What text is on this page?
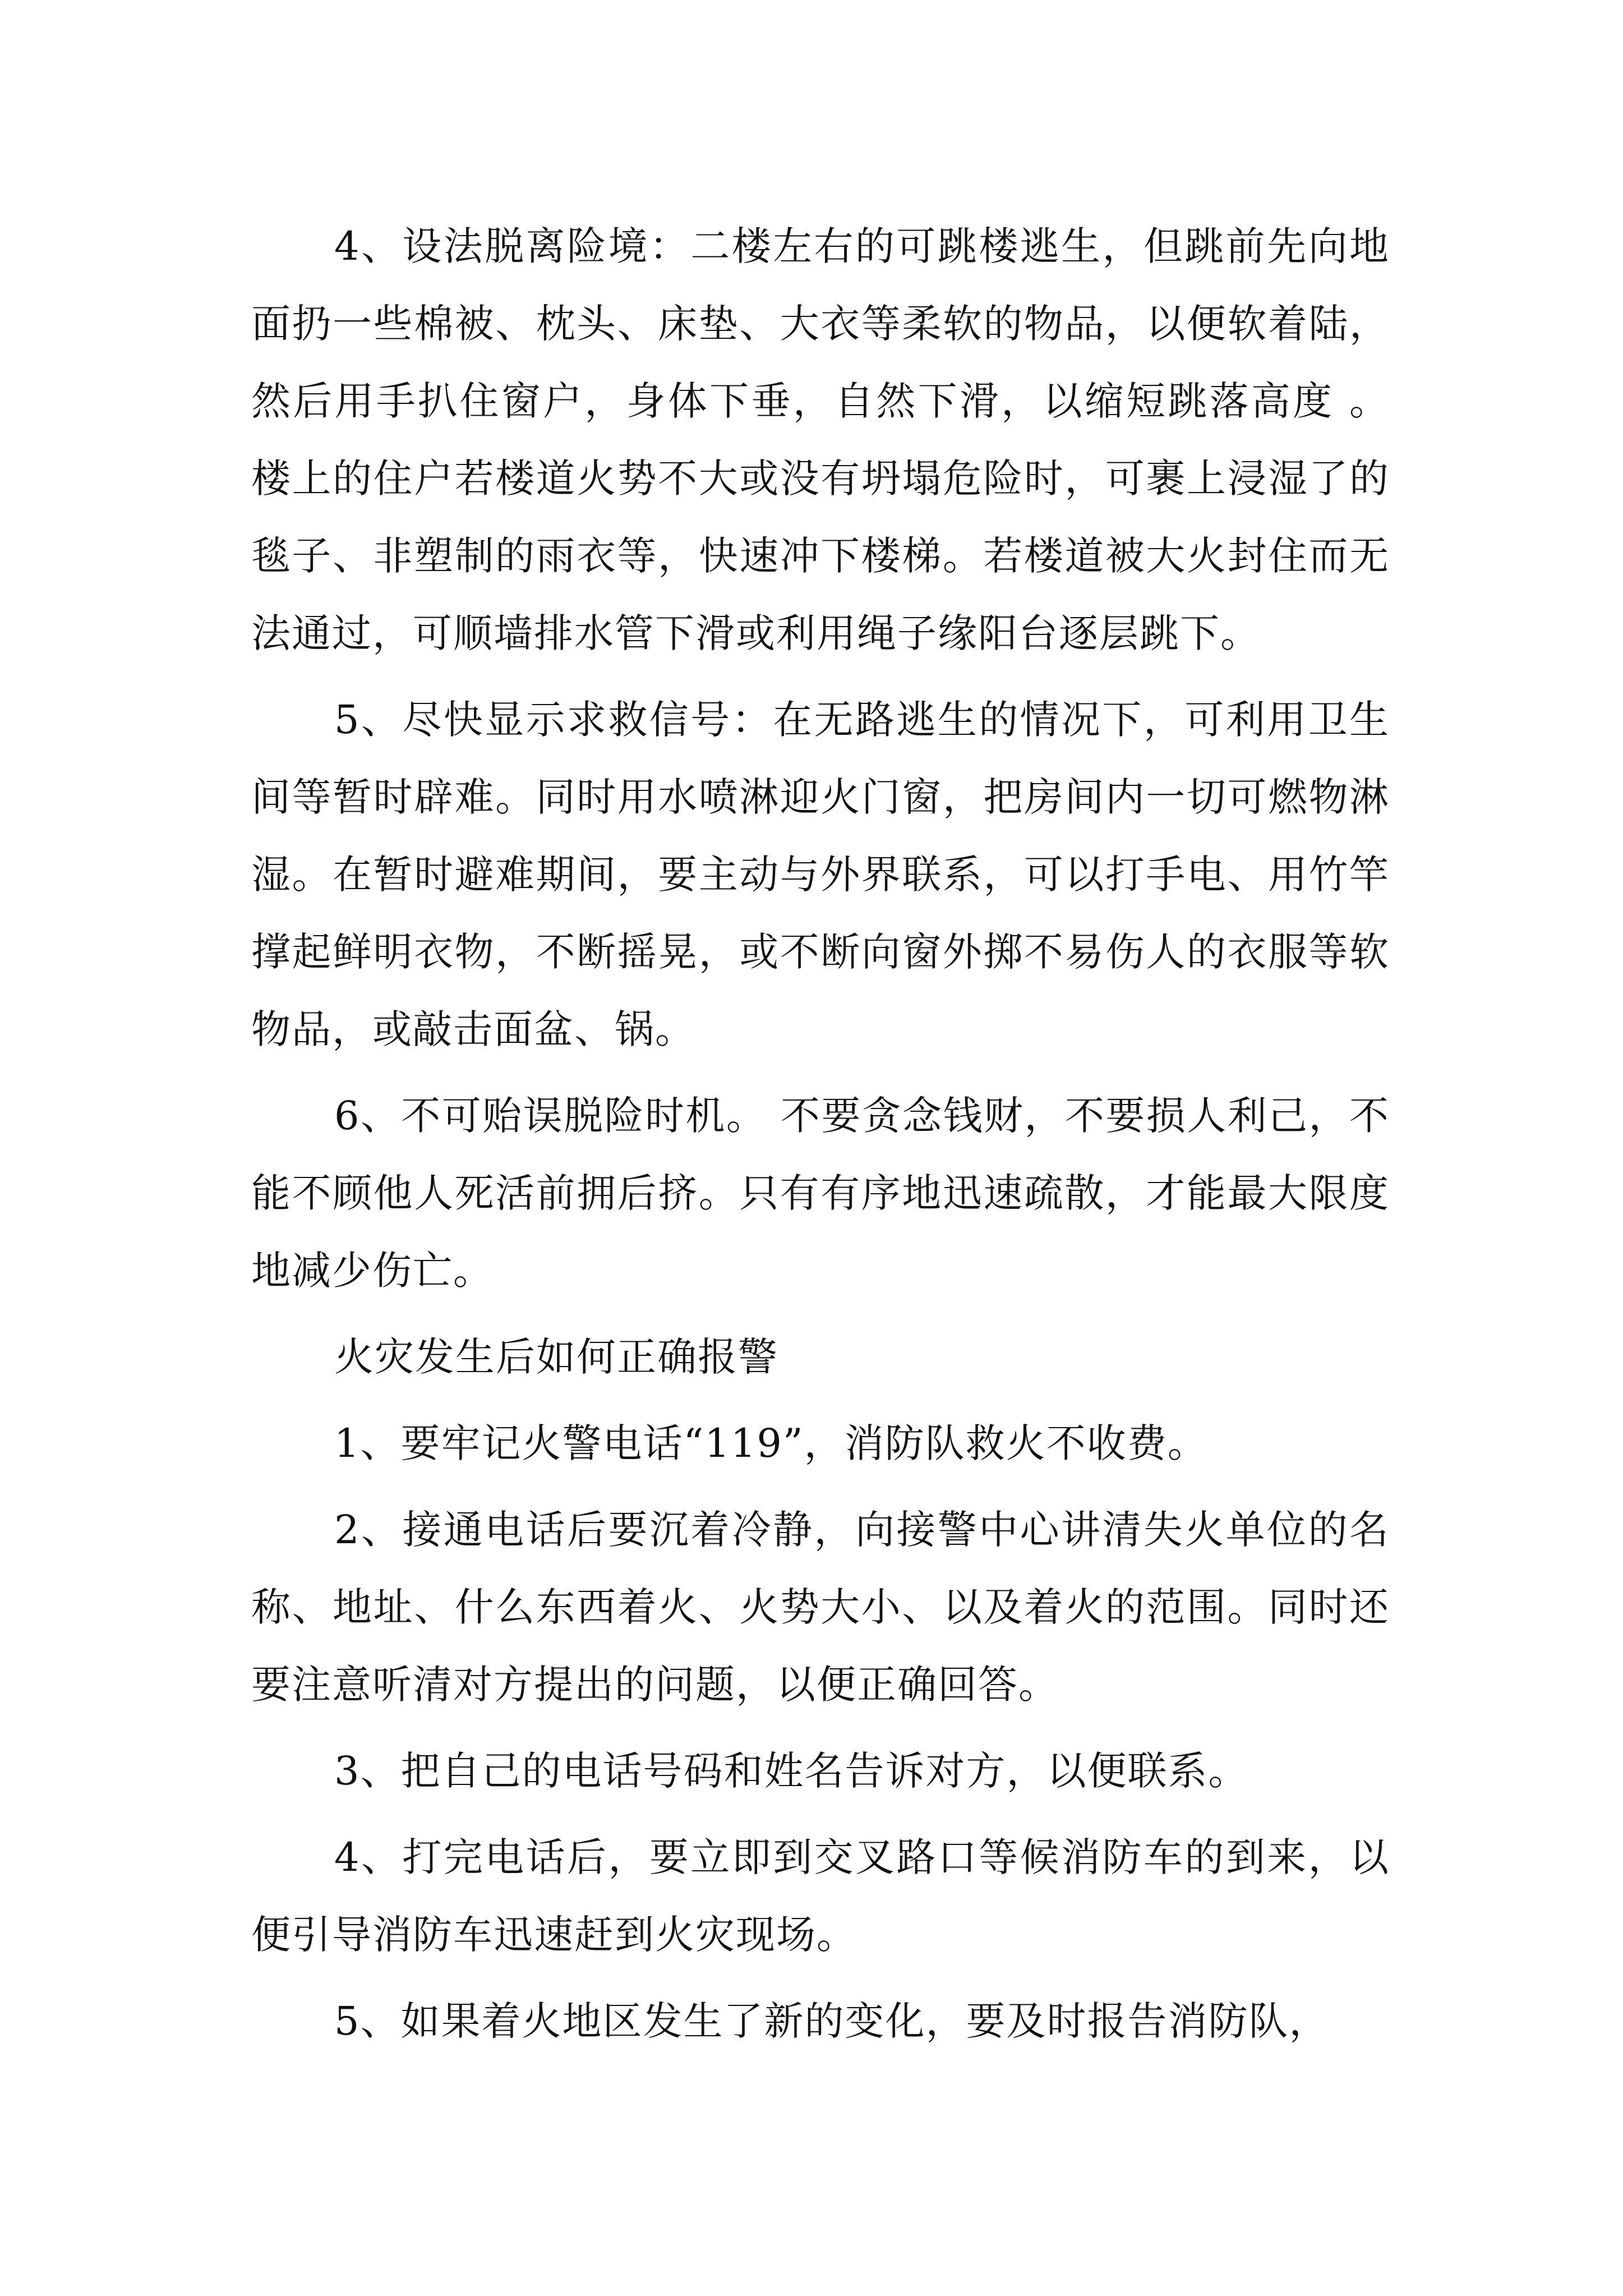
4、设法脱离险境：二楼左右的可跳楼逃生，但跳前先向地面扔一些棉被、枕头、床垫、大衣等柔软的物品，以便软着陆，然后用手扒住窗户，身体下垂，自然下滑，以缩短跳落高度 。楼上的住户若楼道火势不大或没有坍塌危险时，可裹上浸湿了的毯子、非塑制的雨衣等，快速冲下楼梯。若楼道被大火封住而无法通过，可顺墙排水管下滑或利用绳子缘阳台逐层跳下。

5、尽快显示求救信号：在无路逃生的情况下，可利用卫生间等暂时辟难。同时用水喷淋迎火门窗，把房间内一切可燃物淋湿。在暂时避难期间，要主动与外界联系，可以打手电、用竹竿撑起鲜明衣物，不断摇晃，或不断向窗外掷不易伤人的衣服等软物品，或敲击面盆、锅。

6、不可贻误脱险时机。 不要贪念钱财，不要损人利己，不能不顾他人死活前拥后挤。只有有序地迅速疏散，才能最大限度地减少伤亡。

火灾发生后如何正确报警

1、要牢记火警电话“119”，消防队救火不收费。

2、接通电话后要沉着冷静，向接警中心讲清失火单位的名称、地址、什么东西着火、火势大小、以及着火的范围。同时还要注意听清对方提出的问题，以便正确回答。

3、把自己的电话号码和姓名告诉对方，以便联系。

4、打完电话后，要立即到交叉路口等候消防车的到来，以便引导消防车迅速赶到火灾现场。

5、如果着火地区发生了新的变化，要及时报告消防队，
